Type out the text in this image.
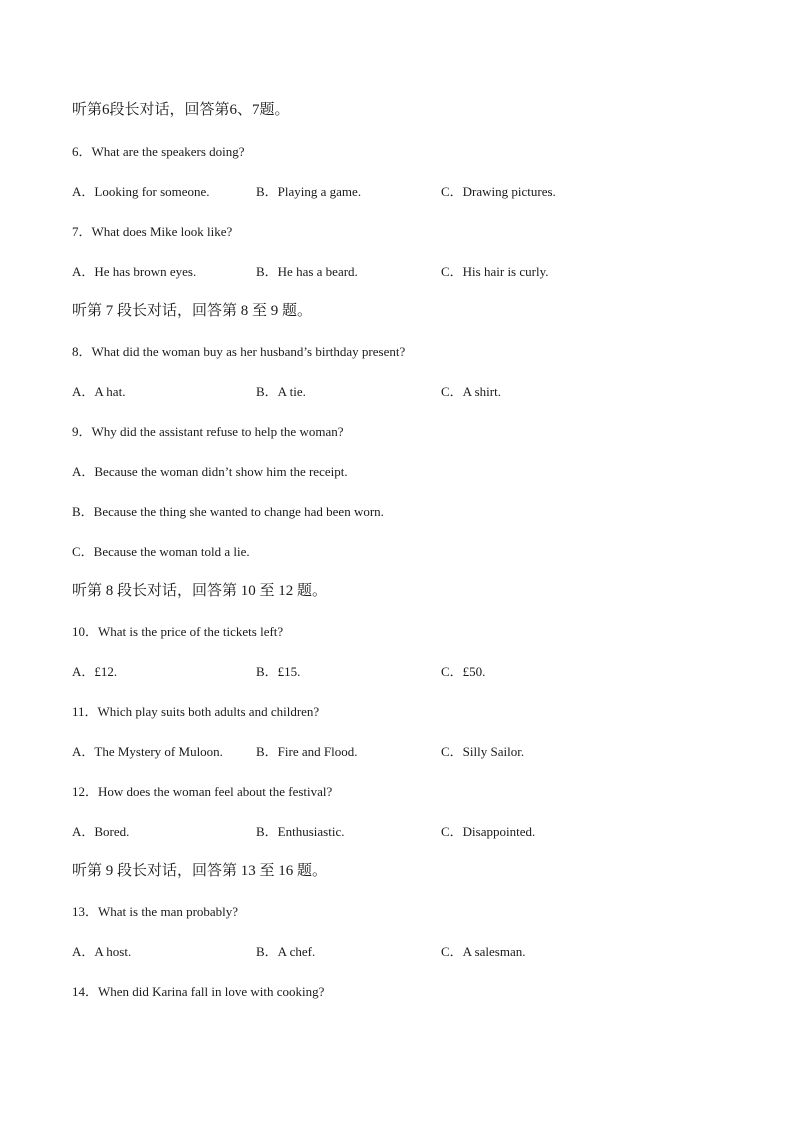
听第6段长对话，回答第6、7题。
6．What are the speakers doing?
A．Looking for someone.	B．Playing a game.	C．Drawing pictures.
7．What does Mike look like?
A．He has brown eyes.	B．He has a beard.	C．His hair is curly.
听第 7 段长对话，回答第 8 至 9 题。
8．What did the woman buy as her husband’s birthday present?
A．A hat.	B．A tie.	C．A shirt.
9．Why did the assistant refuse to help the woman?
A．Because the woman didn’t show him the receipt.
B．Because the thing she wanted to change had been worn.
C．Because the woman told a lie.
听第 8 段长对话，回答第 10 至 12 题。
10．What is the price of the tickets left?
A．£12.	B．£15.	C．£50.
11．Which play suits both adults and children?
A．The Mystery of Muloon.	B．Fire and Flood.	C．Silly Sailor.
12．How does the woman feel about the festival?
A．Bored.	B．Enthusiastic.	C．Disappointed.
听第 9 段长对话，回答第 13 至 16 题。
13．What is the man probably?
A．A host.	B．A chef.	C．A salesman.
14．When did Karina fall in love with cooking?
